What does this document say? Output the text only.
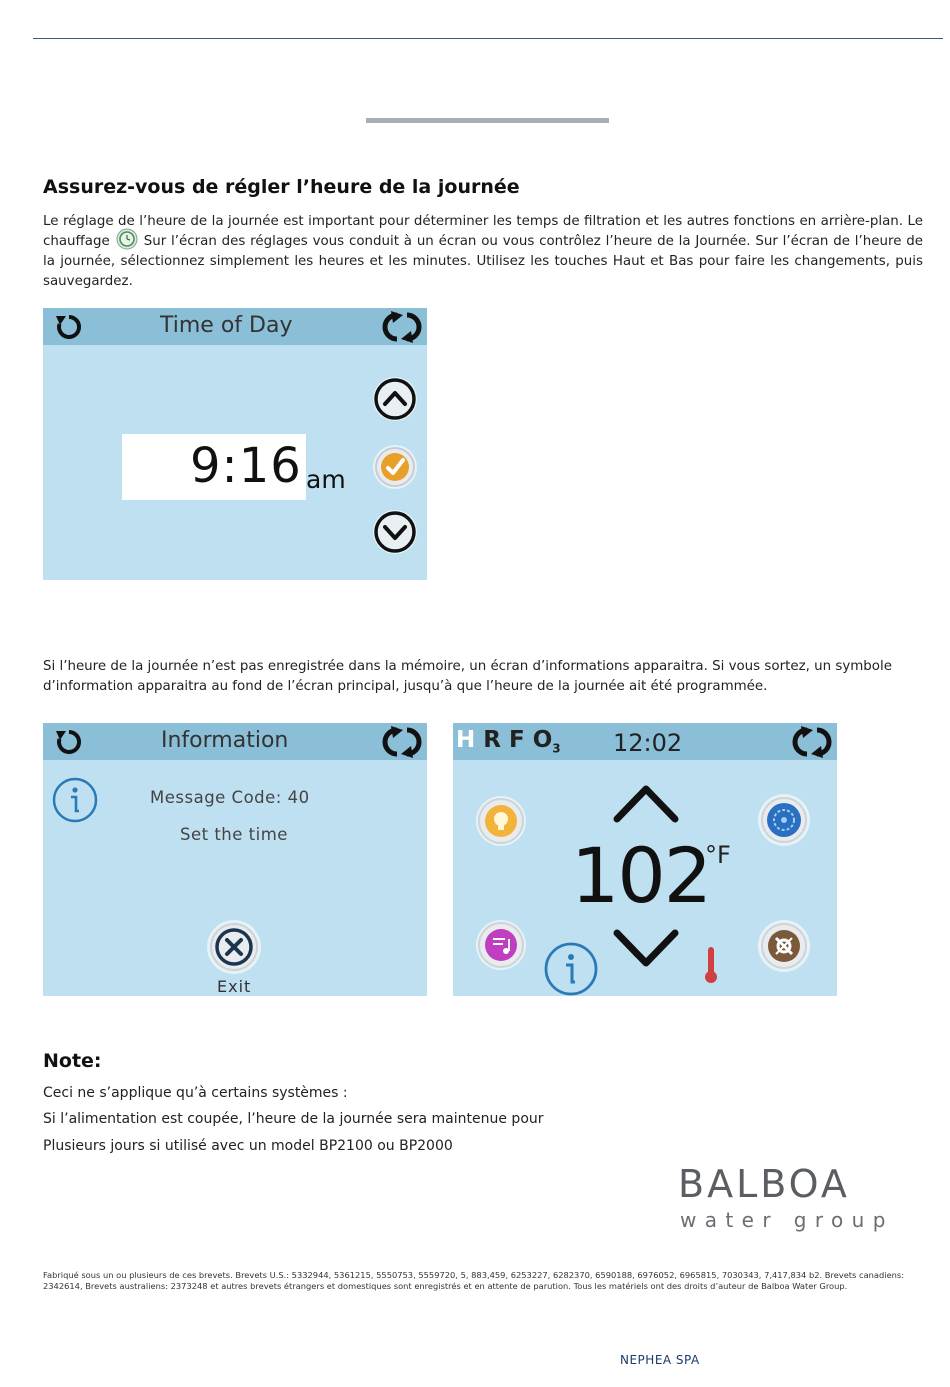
Assurez-vous de régler l’heure de la journée
Le réglage de l’heure de la journée est important pour déterminer les temps de filtration et les autres fonctions en arrière-plan. Le chauffage	Sur l’écran des réglages vous conduit à un écran ou vous contrôlez l’heure de la Journée. Sur l’écran de l’heure de la journée, sélectionnez simplement les heures et les minutes. Utilisez les touches Haut et Bas pour faire les changements, puis sauvegardez.
Time of Day
9:16 am
Si l’heure de la journée n’est pas enregistrée dans la mémoire, un écran d’informations apparaitra. Si vous sortez, un symbole d’information apparaitra au fond de l’écran principal, jusqu’à que l’heure de la journée ait été programmée.
Information
Message Code: 40
Set the time
Exit
H R F $O_3$ 12:02
102
°F
Note:
Ceci ne s’applique qu’à certains systèmes :
Si l’alimentation est coupée, l’heure de la journée sera maintenue pour
Plusieurs jours si utilisé avec un model BP2100 ou BP2000
BALBOA
water group
Fabriqué sous un ou plusieurs de ces brevets. Brevets U.S.: 5332944, 5361215, 5550753, 5559720, 5, 883,459, 6253227, 6282370, 6590188, 6976052, 6965815, 7030343, 7,417,834 b2. Brevets canadiens: 2342614, Brevets australiens: 2373248 et autres brevets étrangers et domestiques sont enregistrés et en attente de parution. Tous les matériels ont des droits d’auteur de Balboa Water Group.
NEPHEA SPA
